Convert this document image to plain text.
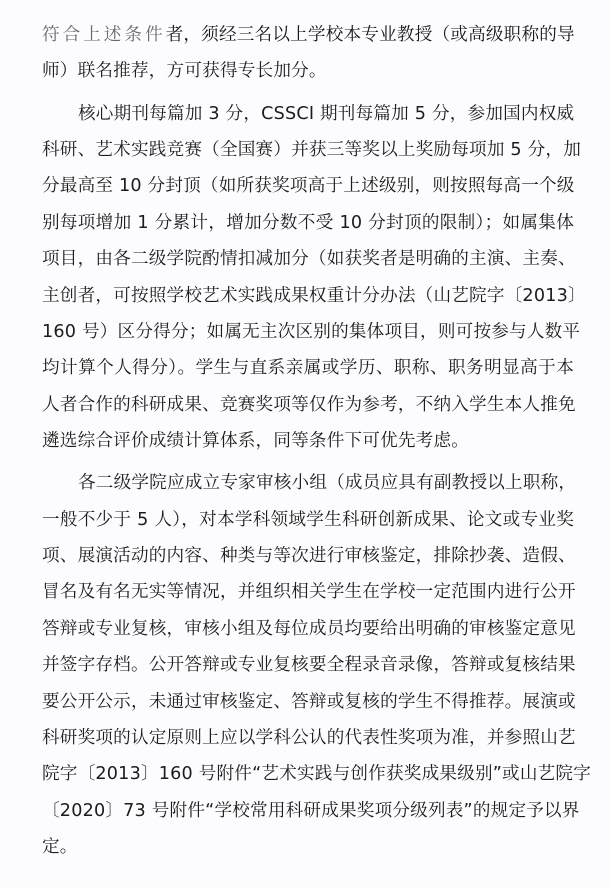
符合上述条件者，须经三名以上学校本专业教授（或高级职称的导
师）联名推荐，方可获得专长加分。
核心期刊每篇加 3 分，CSSCI 期刊每篇加 5 分，参加国内权威
科研、艺术实践竞赛（全国赛）并获三等奖以上奖励每项加 5 分，加
分最高至 10 分封顶（如所获奖项高于上述级别，则按照每高一个级
别每项增加 1 分累计，增加分数不受 10 分封顶的限制）；如属集体
项目，由各二级学院酌情扣减加分（如获奖者是明确的主演、主奏、
主创者，可按照学校艺术实践成果权重计分办法（山艺院字〔2013〕
160 号）区分得分；如属无主次区别的集体项目，则可按参与人数平
均计算个人得分）。学生与直系亲属或学历、职称、职务明显高于本
人者合作的科研成果、竞赛奖项等仅作为参考，不纳入学生本人推免
遴选综合评价成绩计算体系，同等条件下可优先考虑。
各二级学院应成立专家审核小组（成员应具有副教授以上职称，
一般不少于 5 人），对本学科领域学生科研创新成果、论文或专业奖
项、展演活动的内容、种类与等次进行审核鉴定，排除抄袭、造假、
冒名及有名无实等情况，并组织相关学生在学校一定范围内进行公开
答辩或专业复核，审核小组及每位成员均要给出明确的审核鉴定意见
并签字存档。公开答辩或专业复核要全程录音录像，答辩或复核结果
要公开公示，未通过审核鉴定、答辩或复核的学生不得推荐。展演或
科研奖项的认定原则上应以学科公认的代表性奖项为准，并参照山艺
院字〔2013〕160 号附件“艺术实践与创作获奖成果级别”或山艺院字
〔2020〕73 号附件“学校常用科研成果奖项分级列表”的规定予以界
定。
